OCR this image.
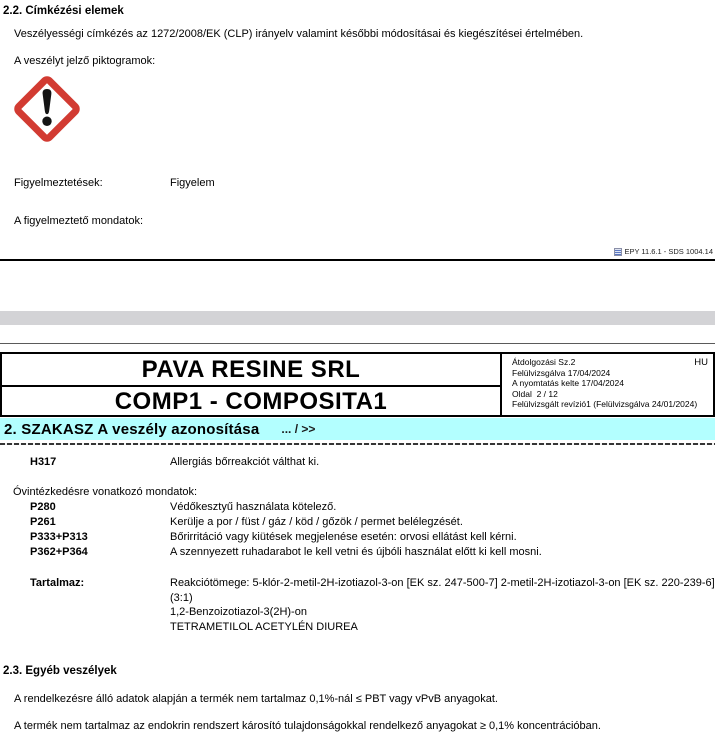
2.2. Címkézési elemek
Veszélyességi címkézés az 1272/2008/EK (CLP) irányelv valamint későbbi módosításai és kiegészítései értelmében.
A veszélyt jelző piktogramok:
Figyelmeztetések:	Figyelem
A figyelmeztető mondatok:
EPY 11.6.1 - SDS 1004.14
PAVA RESINE SRL
COMP1 - COMPOSITA1
Átdolgozási Sz.2
Felülvizsgálva 17/04/2024
A nyomtatás kelte 17/04/2024
Oldal  2 / 12
Felülvizsgált revízió1 (Felülvizsgálva 24/01/2024)
HU
2. SZAKASZ A veszély azonosítása ... / >>
H317	Allergiás bőrreakciót válthat ki.
Óvintézkedésre vonatkozó mondatok:
P280	Védőkesztyű használata kötelező.
P261	Kerülje a por / füst / gáz / köd / gőzök / permet belélegzését.
P333+P313	Bőrirritáció vagy kiütések megjelenése esetén: orvosi ellátást kell kérni.
P362+P364	A szennyezett ruhadarabot le kell vetni és újbóli használat előtt ki kell mosni.
Tartalmaz:	Reakciótömege: 5-klór-2-metil-2H-izotiazol-3-on [EK sz. 247-500-7] 2-metil-2H-izotiazol-3-on [EK sz. 220-239-6] (3:1)
1,2-Benzoizotiazol-3(2H)-on
TETRAMETILOL ACETYLÉN DIUREA
2.3. Egyéb veszélyek
A rendelkezésre álló adatok alapján a termék nem tartalmaz 0,1%-nál ≤ PBT vagy vPvB anyagokat.
A termék nem tartalmaz az endokrin rendszert károsító tulajdonságokkal rendelkező anyagokat ≥ 0,1% koncentrációban.
